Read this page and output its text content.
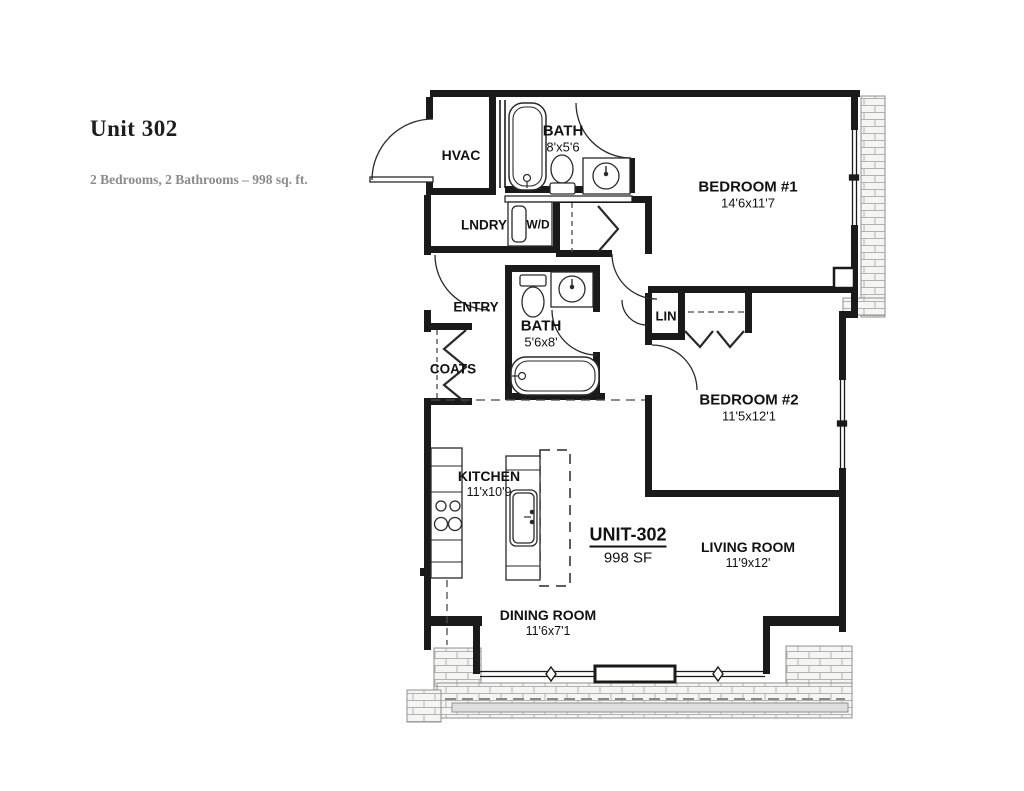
Unit 302
2 Bedrooms, 2 Bathrooms – 998 sq. ft.
HVAC
BATH
8'x5'6
BEDROOM #1
14'6x11'7
LNDRY W/D
ENTRY
BATH
5'6x8'
LIN
BEDROOM #2
11'5x12'1
COATS
KITCHEN
11'x10'9
UNIT-302
998 SF
LIVING ROOM
11'9x12'
DINING ROOM
11'6x7'1
